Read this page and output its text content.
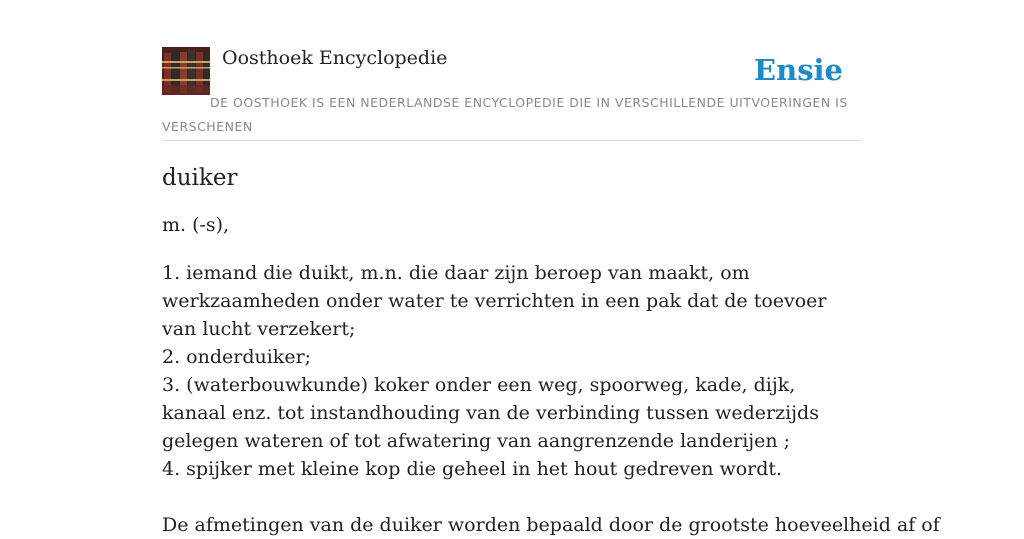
Oosthoek Encyclopedie	Ensie
DE OOSTHOEK IS EEN NEDERLANDSE ENCYCLOPEDIE DIE IN VERSCHILLENDE UITVOERINGEN IS VERSCHENEN
duiker

m. (-s),

1. iemand die duikt, m.n. die daar zijn beroep van maakt, om werkzaamheden onder water te verrichten in een pak dat de toevoer van lucht verzekert;
2. onderduiker;
3. (waterbouwkunde) koker onder een weg, spoorweg, kade, dijk, kanaal enz. tot instandhouding van de verbinding tussen wederzijds gelegen wateren of tot afwatering van aangrenzende landerijen ;
4. spijker met kleine kop die geheel in het hout gedreven wordt.

De afmetingen van de duiker worden bepaald door de grootste hoeveelheid af of
